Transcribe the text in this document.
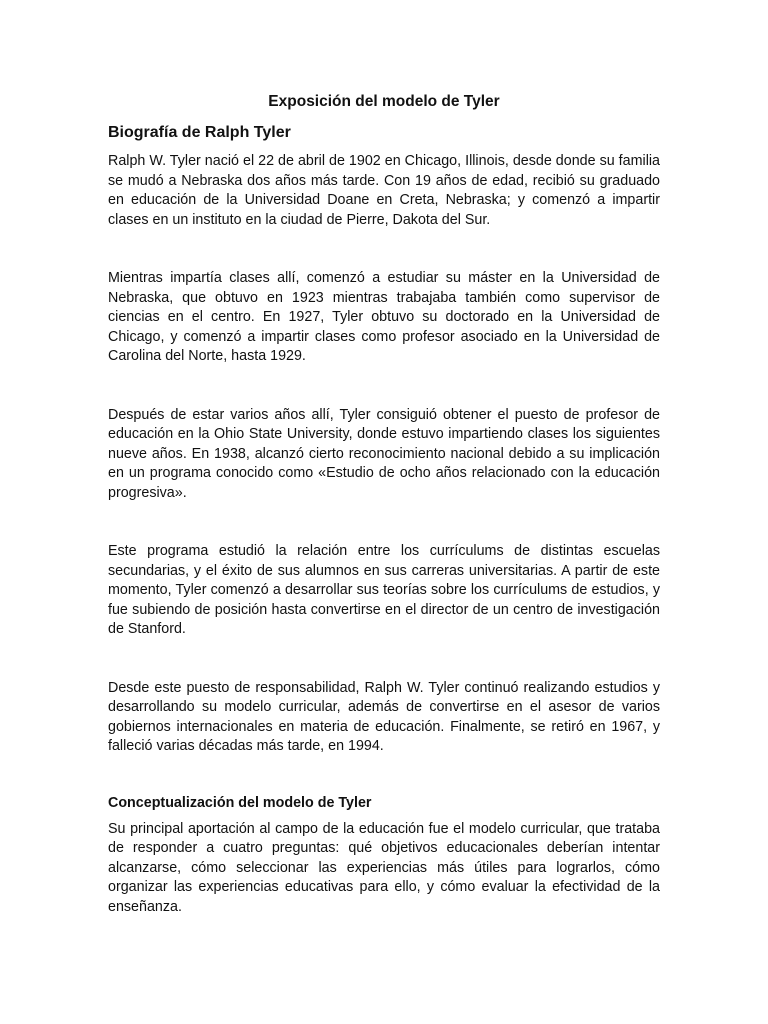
Exposición del modelo de Tyler
Biografía de Ralph Tyler

Ralph W. Tyler nació el 22 de abril de 1902 en Chicago, Illinois, desde donde su familia se mudó a Nebraska dos años más tarde. Con 19 años de edad, recibió su graduado en educación de la Universidad Doane en Creta, Nebraska; y comenzó a impartir clases en un instituto en la ciudad de Pierre, Dakota del Sur.

Mientras impartía clases allí, comenzó a estudiar su máster en la Universidad de Nebraska, que obtuvo en 1923 mientras trabajaba también como supervisor de ciencias en el centro. En 1927, Tyler obtuvo su doctorado en la Universidad de Chicago, y comenzó a impartir clases como profesor asociado en la Universidad de Carolina del Norte, hasta 1929.

Después de estar varios años allí, Tyler consiguió obtener el puesto de profesor de educación en la Ohio State University, donde estuvo impartiendo clases los siguientes nueve años. En 1938, alcanzó cierto reconocimiento nacional debido a su implicación en un programa conocido como «Estudio de ocho años relacionado con la educación progresiva».

Este programa estudió la relación entre los currículums de distintas escuelas secundarias, y el éxito de sus alumnos en sus carreras universitarias. A partir de este momento, Tyler comenzó a desarrollar sus teorías sobre los currículums de estudios, y fue subiendo de posición hasta convertirse en el director de un centro de investigación de Stanford.

Desde este puesto de responsabilidad, Ralph W. Tyler continuó realizando estudios y desarrollando su modelo curricular, además de convertirse en el asesor de varios gobiernos internacionales en materia de educación. Finalmente, se retiró en 1967, y falleció varias décadas más tarde, en 1994.

Conceptualización del modelo de Tyler

Su principal aportación al campo de la educación fue el modelo curricular, que trataba de responder a cuatro preguntas: qué objetivos educacionales deberían intentar alcanzarse, cómo seleccionar las experiencias más útiles para lograrlos, cómo organizar las experiencias educativas para ello, y cómo evaluar la efectividad de la enseñanza.
